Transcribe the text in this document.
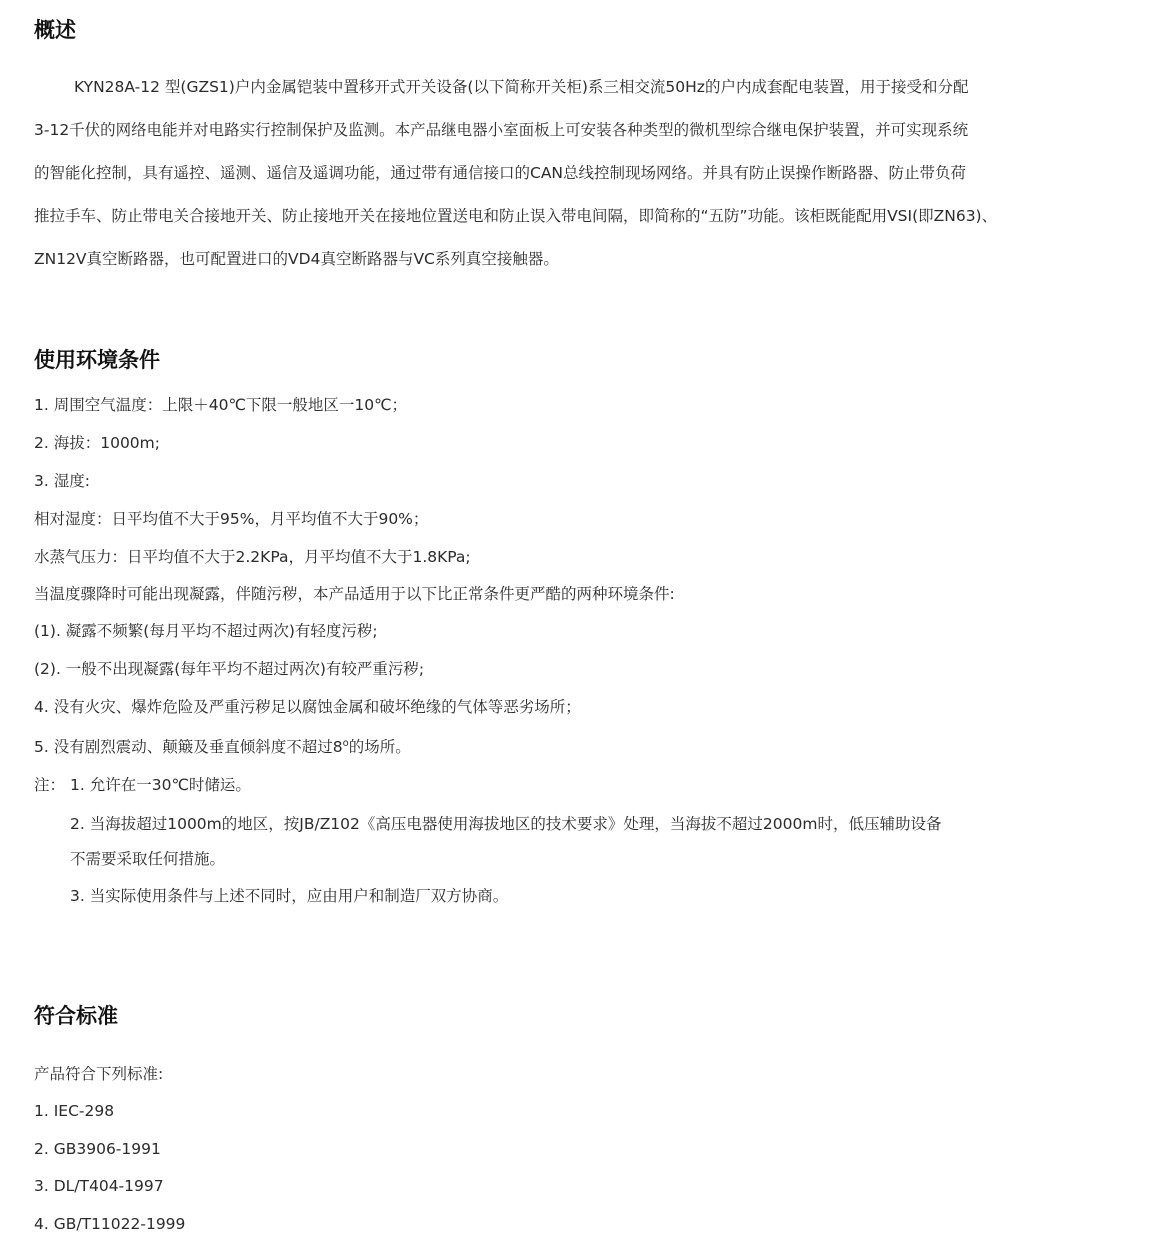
概述

KYN28A-12 型(GZS1)户内金属铠装中置移开式开关设备(以下简称开关柜)系三相交流50Hz的户内成套配电装置，用于接受和分配

3-12千伏的网络电能并对电路实行控制保护及监测。本产品继电器小室面板上可安装各种类型的微机型综合继电保护装置，并可实现系统

的智能化控制，具有遥控、遥测、遥信及遥调功能，通过带有通信接口的CAN总线控制现场网络。并具有防止误操作断路器、防止带负荷

推拉手车、防止带电关合接地开关、防止接地开关在接地位置送电和防止误入带电间隔，即简称的“五防”功能。该柜既能配用VSI(即ZN63)、

ZN12V真空断路器，也可配置进口的VD4真空断路器与VC系列真空接触器。

使用环境条件

1. 周围空气温度：上限＋40℃下限一般地区一10℃；

2. 海拔：1000m;

3. 湿度:

相对湿度：日平均值不大于95%，月平均值不大于90%；

水蒸气压力：日平均值不大于2.2KPa，月平均值不大于1.8KPa;

当温度骤降时可能出现凝露，伴随污秽，本产品适用于以下比正常条件更严酷的两种环境条件:

(1). 凝露不频繁(每月平均不超过两次)有轻度污秽;

(2). 一般不出现凝露(每年平均不超过两次)有较严重污秽;

4. 没有火灾、爆炸危险及严重污秽足以腐蚀金属和破坏绝缘的气体等恶劣场所；

5. 没有剧烈震动、颠簸及垂直倾斜度不超过8$^o$的场所。

注： 1. 允许在一30℃时储运。

2. 当海拔超过1000m的地区，按JB/Z102《高压电器使用海拔地区的技术要求》处理，当海拔不超过2000m时，低压辅助设备

不需要采取任何措施。

3. 当实际使用条件与上述不同时，应由用户和制造厂双方协商。

符合标准

产品符合下列标准:

1. IEC-298

2. GB3906-1991

3. DL/T404-1997

4. GB/T11022-1999
